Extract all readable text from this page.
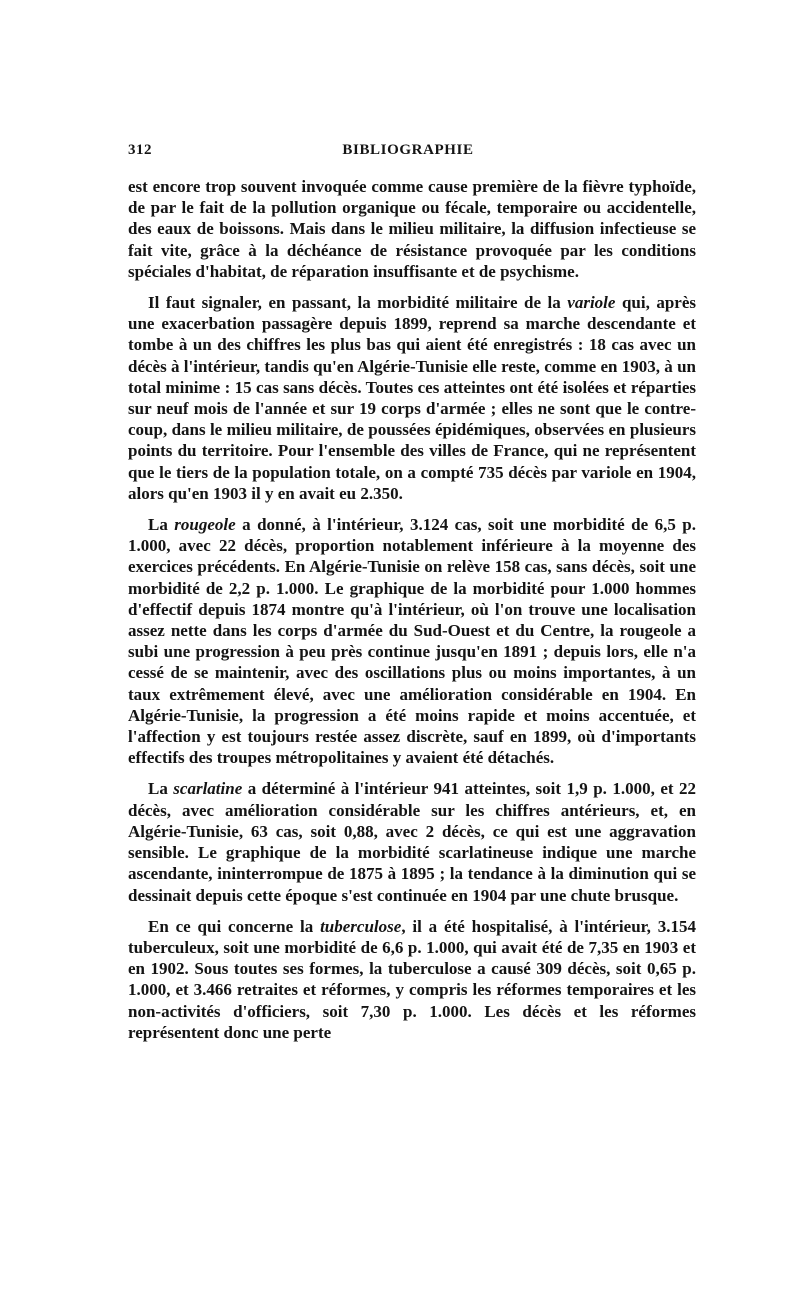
312	BIBLIOGRAPHIE

est encore trop souvent invoquée comme cause première de la fièvre typhoïde, de par le fait de la pollution organique ou fécale, temporaire ou accidentelle, des eaux de boissons. Mais dans le milieu militaire, la diffusion infectieuse se fait vite, grâce à la déchéance de résistance provoquée par les conditions spéciales d'habitat, de réparation insuffisante et de psychisme.

Il faut signaler, en passant, la morbidité militaire de la variole qui, après une exacerbation passagère depuis 1899, reprend sa marche descendante et tombe à un des chiffres les plus bas qui aient été enregistrés : 18 cas avec un décès à l'intérieur, tandis qu'en Algérie-Tunisie elle reste, comme en 1903, à un total minime : 15 cas sans décès. Toutes ces atteintes ont été isolées et réparties sur neuf mois de l'année et sur 19 corps d'armée ; elles ne sont que le contre-coup, dans le milieu militaire, de poussées épidémiques, observées en plusieurs points du territoire. Pour l'ensemble des villes de France, qui ne représentent que le tiers de la population totale, on a compté 735 décès par variole en 1904, alors qu'en 1903 il y en avait eu 2.350.

La rougeole a donné, à l'intérieur, 3.124 cas, soit une morbidité de 6,5 p. 1.000, avec 22 décès, proportion notablement inférieure à la moyenne des exercices précédents. En Algérie-Tunisie on relève 158 cas, sans décès, soit une morbidité de 2,2 p. 1.000. Le graphique de la morbidité pour 1.000 hommes d'effectif depuis 1874 montre qu'à l'intérieur, où l'on trouve une localisation assez nette dans les corps d'armée du Sud-Ouest et du Centre, la rougeole a subi une progression à peu près continue jusqu'en 1891 ; depuis lors, elle n'a cessé de se maintenir, avec des oscillations plus ou moins importantes, à un taux extrêmement élevé, avec une amélioration considérable en 1904. En Algérie-Tunisie, la progression a été moins rapide et moins accentuée, et l'affection y est toujours restée assez discrète, sauf en 1899, où d'importants effectifs des troupes métropolitaines y avaient été détachés.

La scarlatine a déterminé à l'intérieur 941 atteintes, soit 1,9 p. 1.000, et 22 décès, avec amélioration considérable sur les chiffres antérieurs, et, en Algérie-Tunisie, 63 cas, soit 0,88, avec 2 décès, ce qui est une aggravation sensible. Le graphique de la morbidité scarlatineuse indique une marche ascendante, ininterrompue de 1875 à 1895 ; la tendance à la diminution qui se dessinait depuis cette époque s'est continuée en 1904 par une chute brusque.

En ce qui concerne la tuberculose, il a été hospitalisé, à l'intérieur, 3.154 tuberculeux, soit une morbidité de 6,6 p. 1.000, qui avait été de 7,35 en 1903 et en 1902. Sous toutes ses formes, la tuberculose a causé 309 décès, soit 0,65 p. 1.000, et 3.466 retraites et réformes, y compris les réformes temporaires et les non-activités d'officiers, soit 7,30 p. 1.000. Les décès et les réformes représentent donc une perte
